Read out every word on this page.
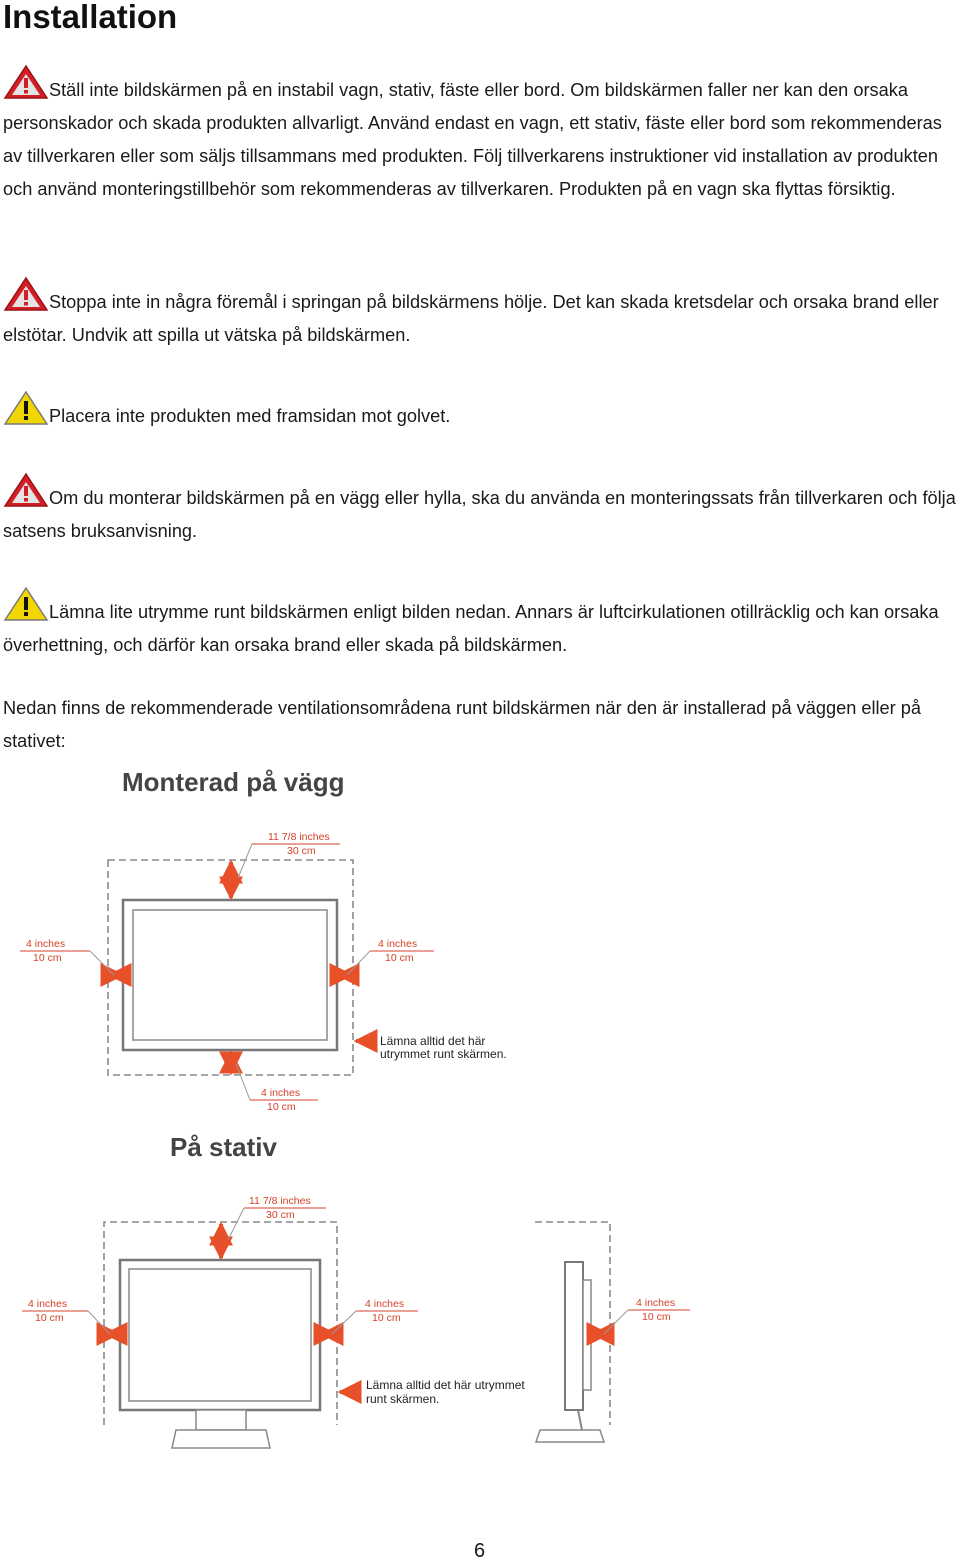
Installation

Ställ inte bildskärmen på en instabil vagn, stativ, fäste eller bord. Om bildskärmen faller ner kan den orsaka personskador och skada produkten allvarligt. Använd endast en vagn, ett stativ, fäste eller bord som rekommenderas av tillverkaren eller som säljs tillsammans med produkten. Följ tillverkarens instruktioner vid installation av produkten och använd monteringstillbehör som rekommenderas av tillverkaren. Produkten på en vagn ska flyttas försiktig.

Stoppa inte in några föremål i springan på bildskärmens hölje. Det kan skada kretsdelar och orsaka brand eller elstötar. Undvik att spilla ut vätska på bildskärmen.

Placera inte produkten med framsidan mot golvet.

Om du monterar bildskärmen på en vägg eller hylla, ska du använda en monteringssats från tillverkaren och följa satsens bruksanvisning.

Lämna lite utrymme runt bildskärmen enligt bilden nedan. Annars är luftcirkulationen otillräcklig och kan orsaka överhettning, och därför kan orsaka brand eller skada på bildskärmen.

Nedan finns de rekommenderade ventilationsområdena runt bildskärmen när den är installerad på väggen eller på stativet:

Monterad på vägg
11 7/8 inches
30 cm
4 inches
10 cm
4 inches
10 cm
4 inches
10 cm
Lämna alltid det här
utrymmet runt skärmen.
På stativ
11 7/8 inches
30 cm
4 inches
10 cm
4 inches
10 cm
Lämna alltid det här utrymmet
runt skärmen.
4 inches
10 cm
6
